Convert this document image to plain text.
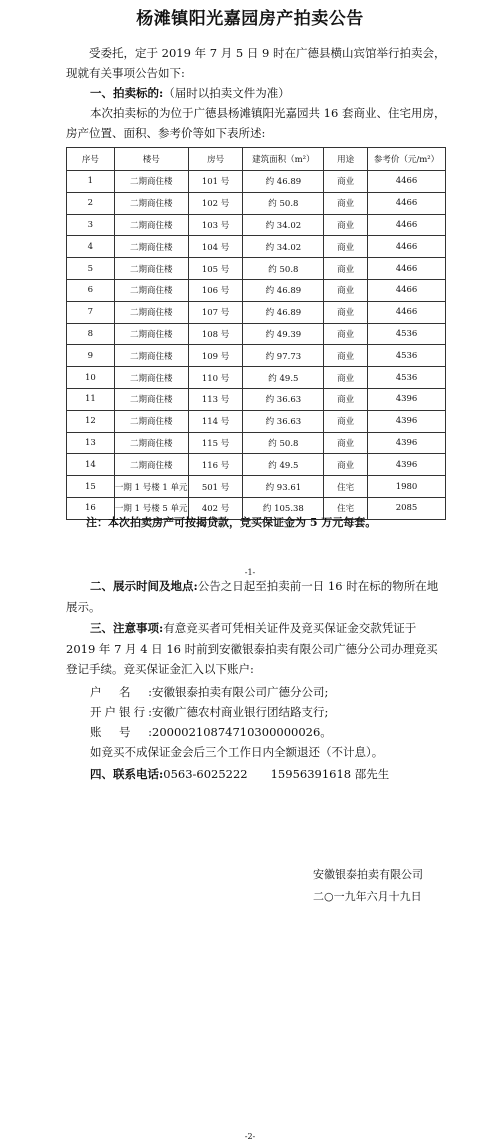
杨滩镇阳光嘉园房产拍卖公告
受委托，定于 2019 年 7 月 5 日 9 时在广德县横山宾馆举行拍卖会，现就有关事项公告如下:
一、拍卖标的:（届时以拍卖文件为准）
本次拍卖标的为位于广德县杨滩镇阳光嘉园共 16 套商业、住宅用房，房产位置、面积、参考价等如下表所述:
序号	楼号	房号	建筑面积（m²）	用途	参考价（元/m²）
1	二期商住楼	101 号	约 46.89	商业	4466
2	二期商住楼	102 号	约 50.8	商业	4466
3	二期商住楼	103 号	约 34.02	商业	4466
4	二期商住楼	104 号	约 34.02	商业	4466
5	二期商住楼	105 号	约 50.8	商业	4466
6	二期商住楼	106 号	约 46.89	商业	4466
7	二期商住楼	107 号	约 46.89	商业	4466
8	二期商住楼	108 号	约 49.39	商业	4536
9	二期商住楼	109 号	约 97.73	商业	4536
10	二期商住楼	110 号	约 49.5	商业	4536
11	二期商住楼	113 号	约 36.63	商业	4396
12	二期商住楼	114 号	约 36.63	商业	4396
13	二期商住楼	115 号	约 50.8	商业	4396
14	二期商住楼	116 号	约 49.5	商业	4396
15	一期 1 号楼 1 单元	501 号	约 93.61	住宅	1980
16	一期 1 号楼 5 单元	402 号	约 105.38	住宅	2085
注：本次拍卖房产可按揭贷款，竞买保证金为 5 万元每套。
-1-
二、展示时间及地点:公告之日起至拍卖前一日 16 时在标的物所在地展示。
三、注意事项:有意竞买者可凭相关证件及竞买保证金交款凭证于 2019 年 7 月 4 日 16 时前到安徽银泰拍卖有限公司广德分公司办理竞买登记手续。竞买保证金汇入以下账户:
户名:安徽银泰拍卖有限公司广德分公司;
开户银行:安徽广德农村商业银行团结路支行;
账号:20000210874710300000026。
如竞买不成保证金会后三个工作日内全额退还（不计息）。
四、联系电话:0563-6025222　　15956391618 邵先生
安徽银泰拍卖有限公司
二○一九年六月十九日
-2-
